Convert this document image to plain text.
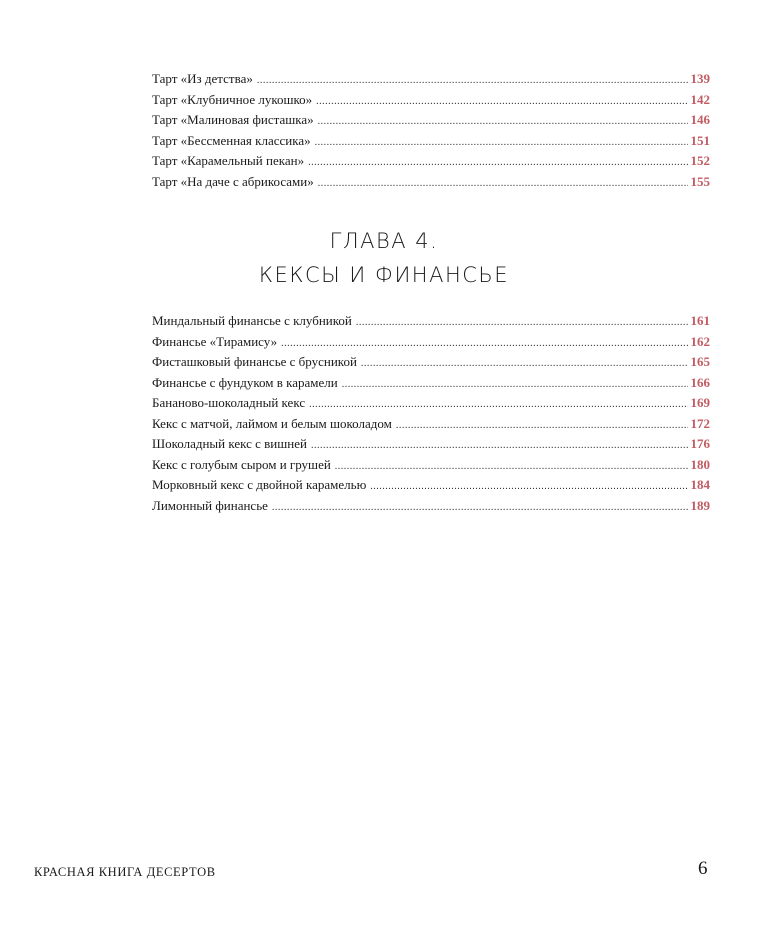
Тарт «Из детства» .....	139
Тарт «Клубничное лукошко» .....	142
Тарт «Малиновая фисташка» .....	146
Тарт «Бессменная классика» .....	151
Тарт «Карамельный пекан» .....	152
Тарт «На даче с абрикосами» .....	155
ГЛАВА 4.
КЕКСЫ И ФИНАНСЬЕ
Миндальный финансье с клубникой .....	161
Финансье «Тирамису» .....	162
Фисташковый финансье с брусникой .....	165
Финансье с фундуком в карамели .....	166
Бананово-шоколадный кекс .....	169
Кекс с матчой, лаймом и белым шоколадом .....	172
Шоколадный кекс с вишней .....	176
Кекс с голубым сыром и грушей .....	180
Морковный кекс с двойной карамелью .....	184
Лимонный финансье .....	189
КРАСНАЯ КНИГА ДЕСЕРТОВ	6
